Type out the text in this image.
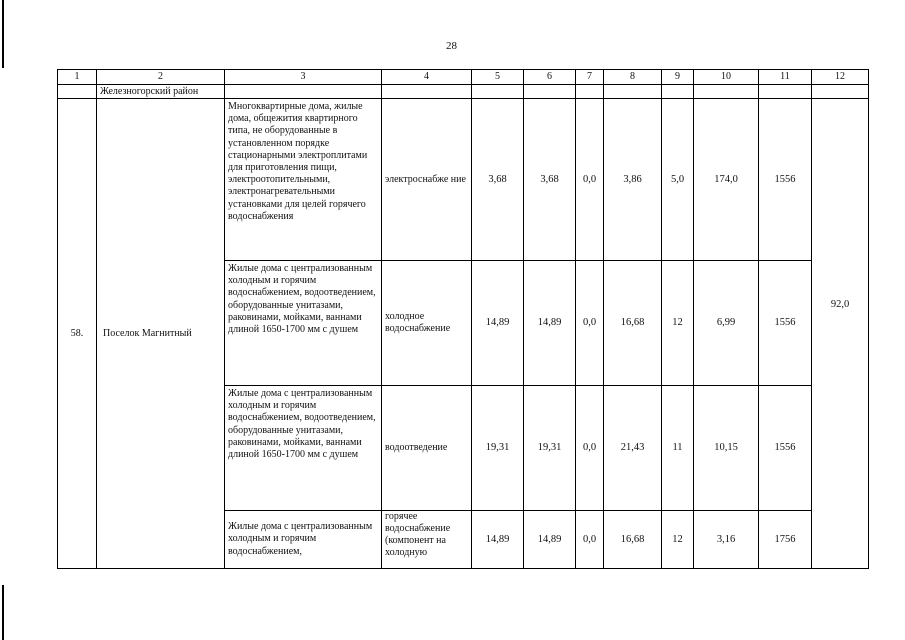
28
1	2	3	4	5	6	7	8	9	10	11	12
	Железногорский район										
58.	Поселок Магнитный	Многоквартирные дома, жилые дома, общежития квартирного типа, не оборудованные в установленном порядке стационарными электроплитами для приготовления пищи, электроотопительными, электронагревательными установками для целей горячего водоснабжения	электроснабже ние	3,68	3,68	0,0	3,86	5,0	174,0	1556	92,0
		Жилые дома с централизованным холодным и горячим водоснабжением, водоотведением, оборудованные унитазами, раковинами, мойками, ваннами длиной 1650-1700 мм с душем	холодное водоснабжение	14,89	14,89	0,0	16,68	12	6,99	1556	
		Жилые дома с централизованным холодным и горячим водоснабжением, водоотведением, оборудованные унитазами, раковинами, мойками, ваннами длиной 1650-1700 мм с душем	водоотведение	19,31	19,31	0,0	21,43	11	10,15	1556	
		Жилые дома с централизованным холодным и горячим водоснабжением,	горячее водоснабжение (компонент на холодную	14,89	14,89	0,0	16,68	12	3,16	1756	
